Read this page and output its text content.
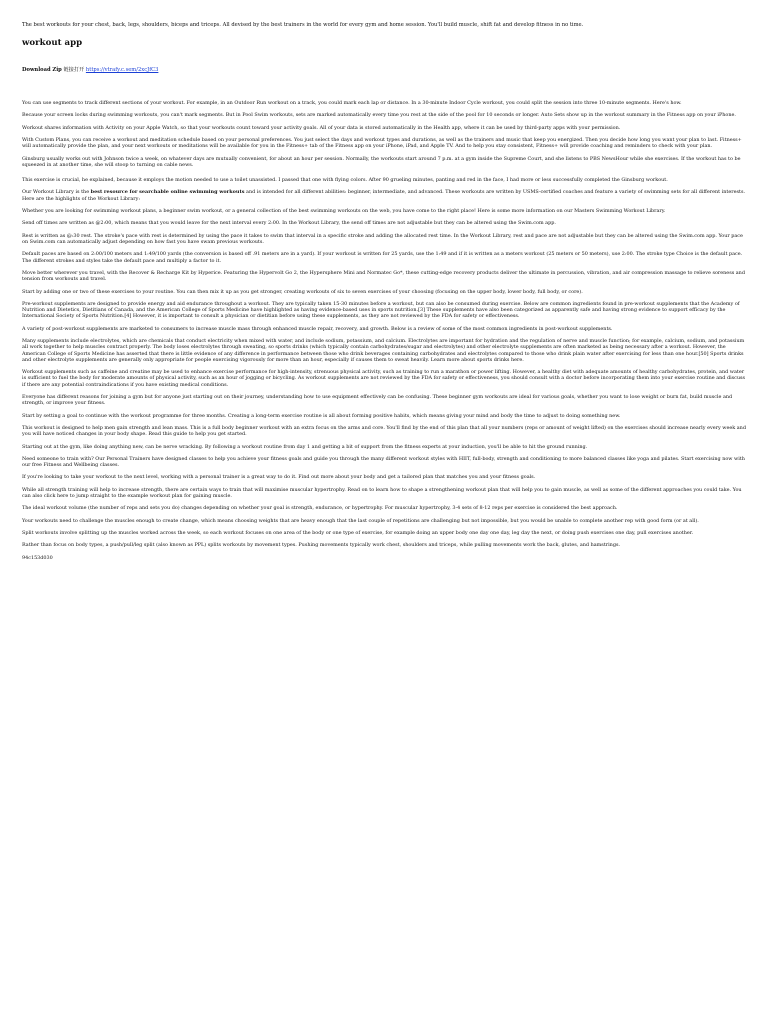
The best workouts for your chest, back, legs, shoulders, biceps and triceps. All devised by the best trainers in the world for every gym and home session. You'll build muscle, shift fat and develop fitness in no time.

workout app

Download Zip 链接打开 https://vtrafy.c.sem/2xcJfC3

You can use segments to track different sections of your workout. For example, in an Outdoor Run workout on a track, you could mark each lap or distance. In a 30-minute Indoor Cycle workout, you could split the session into three 10-minute segments. Here's how.

Because your screen locks during swimming workouts, you can't mark segments. But in Pool Swim workouts, sets are marked automatically every time you rest at the side of the pool for 10 seconds or longer. Auto Sets show up in the workout summary in the Fitness app on your iPhone.

Workout shares information with Activity on your Apple Watch, so that your workouts count toward your activity goals. All of your data is stored automatically in the Health app, where it can be used by third-party apps with your permission.

With Custom Plans, you can receive a workout and meditation schedule based on your personal preferences. You just select the days and workout types and durations, as well as the trainers and music that keep you energized. Then you decide how long you want your plan to last. Fitness+ will automatically provide the plan, and your next workouts or meditations will be available for you in the Fitness+ tab of the Fitness app on your iPhone, iPad, and Apple TV. And to help you stay consistent, Fitness+ will provide coaching and reminders to check with your plan.

Ginsburg usually works out with Johnson twice a week, on whatever days are mutually convenient, for about an hour per session. Normally, the workouts start around 7 p.m. at a gym inside the Supreme Court, and she listens to PBS NewsHour while she exercises. If the workout has to be squeezed in at another time, she will stoop to turning on cable news.

This exercise is crucial, he explained, because it employs the motion needed to use a toilet unassisted. I passed that one with flying colors. After 90 grueling minutes, panting and red in the face, I had more or less successfully completed the Ginsburg workout.

Our Workout Library is the best resource for searchable online swimming workouts and is intended for all different abilities: beginner, intermediate, and advanced. These workouts are written by USMS-certified coaches and feature a variety of swimming sets for all different interests. Here are the highlights of the Workout Library:

Whether you are looking for swimming workout plans, a beginner swim workout, or a general collection of the best swimming workouts on the web, you have come to the right place! Here is some more information on our Masters Swimming Workout Library.

Send off times are written as @2:00, which means that you would leave for the next interval every 2:00. In the Workout Library, the send off times are not adjustable but they can be altered using the Swim.com app.

Rest is written as @:30 rest. The stroke's pace with rest is determined by using the pace it takes to swim that interval in a specific stroke and adding the allocated rest time. In the Workout Library, rest and pace are not adjustable but they can be altered using the Swim.com app. Your pace on Swim.com can automatically adjust depending on how fast you have swam previous workouts.

Default paces are based on 2:00/100 meters and 1:49/100 yards (the conversion is based off .91 meters are in a yard). If your workout is written for 25 yards, use the 1:49 and if it is written as a meters workout (25 meters or 50 meters), use 2:00. The stroke type Choice is the default pace. The different strokes and styles take the default pace and multiply a factor to it.

Move better wherever you travel, with the Recover & Recharge Kit by Hyperice. Featuring the Hypervolt Go 2, the Hypersphere Mini and Normatec Go*, these cutting-edge recovery products deliver the ultimate in percussion, vibration, and air compression massage to relieve soreness and tension from workouts and travel.

Start by adding one or two of these exercises to your routine. You can then mix it up as you get stronger, creating workouts of six to seven exercises of your choosing (focusing on the upper body, lower body, full body, or core).

Pre-workout supplements are designed to provide energy and aid endurance throughout a workout. They are typically taken 15-30 minutes before a workout, but can also be consumed during exercise. Below are common ingredients found in pre-workout supplements that the Academy of Nutrition and Dietetics, Dietitians of Canada, and the American College of Sports Medicine have highlighted as having evidence-based uses in sports nutrition.[3] These supplements have also been categorized as apparently safe and having strong evidence to support efficacy by the International Society of Sports Nutrition.[4] However, it is important to consult a physician or dietitian before using these supplements, as they are not reviewed by the FDA for safety or effectiveness.

A variety of post-workout supplements are marketed to consumers to increase muscle mass through enhanced muscle repair, recovery, and growth. Below is a review of some of the most common ingredients in post-workout supplements.

Many supplements include electrolytes, which are chemicals that conduct electricity when mixed with water, and include sodium, potassium, and calcium. Electrolytes are important for hydration and the regulation of nerve and muscle function; for example, calcium, sodium, and potassium all work together to help muscles contract properly. The body loses electrolytes through sweating, so sports drinks (which typically contain carbohydrates/sugar and electrolytes) and other electrolyte supplements are often marketed as being necessary after a workout. However, the American College of Sports Medicine has asserted that there is little evidence of any difference in performance between those who drink beverages containing carbohydrates and electrolytes compared to those who drink plain water after exercising for less than one hour.[50] Sports drinks and other electrolyte supplements are generally only appropriate for people exercising vigorously for more than an hour, especially if causes them to sweat heavily. Learn more about sports drinks here.

Workout supplements such as caffeine and creatine may be used to enhance exercise performance for high-intensity, strenuous physical activity, such as training to run a marathon or power lifting. However, a healthy diet with adequate amounts of healthy carbohydrates, protein, and water is sufficient to fuel the body for moderate amounts of physical activity, such as an hour of jogging or bicycling. As workout supplements are not reviewed by the FDA for safety or effectiveness, you should consult with a doctor before incorporating them into your exercise routine and discuss if there are any potential contraindications if you have existing medical conditions.

Everyone has different reasons for joining a gym but for anyone just starting out on their journey, understanding how to use equipment effectively can be confusing. These beginner gym workouts are ideal for various goals, whether you want to lose weight or burn fat, build muscle and strength, or improve your fitness.

Start by setting a goal to continue with the workout programme for three months. Creating a long-term exercise routine is all about forming positive habits, which means giving your mind and body the time to adjust to doing something new.

This workout is designed to help men gain strength and lean mass. This is a full body beginner workout with an extra focus on the arms and core. You'll find by the end of this plan that all your numbers (reps or amount of weight lifted) on the exercises should increase nearly every week and you will have noticed changes in your body shape. Read this guide to help you get started.

Starting out at the gym, like doing anything new, can be nerve wracking. By following a workout routine from day 1 and getting a bit of support from the fitness experts at your induction, you'll be able to hit the ground running.

Need someone to train with? Our Personal Trainers have designed classes to help you achieve your fitness goals and guide you through the many different workout styles with HIIT, full-body, strength and conditioning to more balanced classes like yoga and pilates. Start exercising now with our free Fitness and Wellbeing classes.

If you're looking to take your workout to the next level, working with a personal trainer is a great way to do it. Find out more about your body and get a tailored plan that matches you and your fitness goals.

While all strength training will help to increase strength, there are certain ways to train that will maximise muscular hypertrophy. Read on to learn how to shape a strengthening workout plan that will help you to gain muscle, as well as some of the different approaches you could take. You can also click here to jump straight to the example workout plan for gaining muscle.

The ideal workout volume (the number of reps and sets you do) changes depending on whether your goal is strength, endurance, or hypertrophy. For muscular hypertrophy, 3-4 sets of 8-12 reps per exercise is considered the best approach.

Your workouts need to challenge the muscles enough to create change, which means choosing weights that are heavy enough that the last couple of repetitions are challenging but not impossible, but you would be unable to complete another rep with good form (or at all).

Split workouts involve splitting up the muscles worked across the week, so each workout focuses on one area of the body or one type of exercise, for example doing an upper body one day one day, leg day the next, or doing push exercises one day, pull exercises another.

Rather than focus on body types, a push/pull/leg split (also known as PPL) splits workouts by movement types. Pushing movements typically work chest, shoulders and triceps, while pulling movements work the back, glutes, and hamstrings.

94c153d030
